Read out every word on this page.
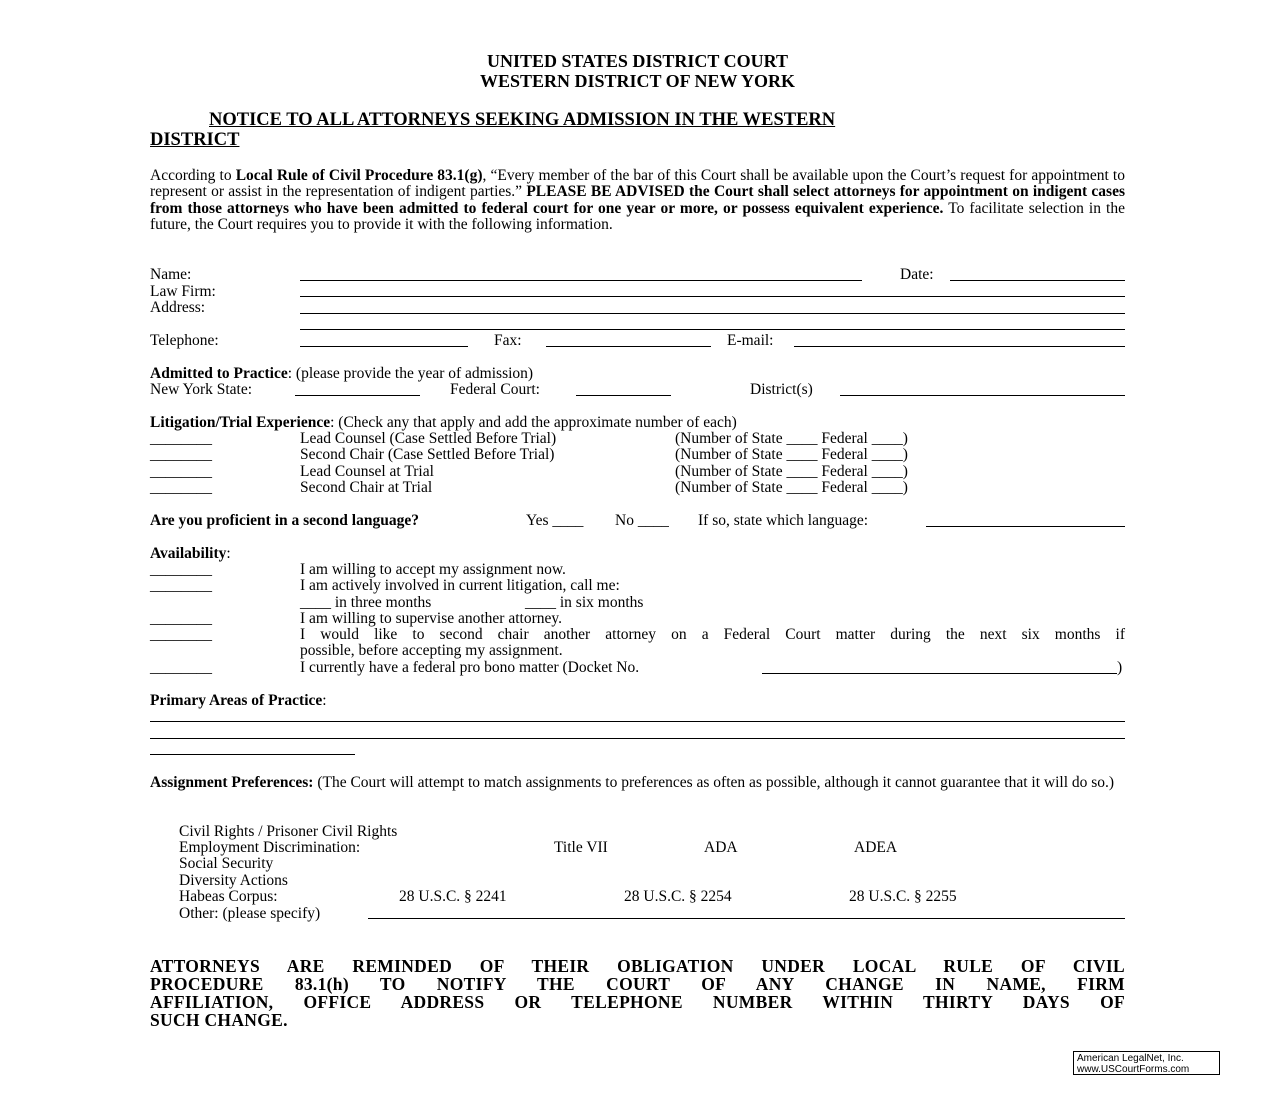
UNITED STATES DISTRICT COURT
WESTERN DISTRICT OF NEW YORK
NOTICE TO ALL ATTORNEYS SEEKING ADMISSION IN THE WESTERN
DISTRICT
According to Local Rule of Civil Procedure 83.1(g), “Every member of the bar of this Court shall be available upon the Court’s request for appointment to represent or assist in the representation of indigent parties.” PLEASE BE ADVISED the Court shall select attorneys for appointment on indigent cases from those attorneys who have been admitted to federal court for one year or more, or possess equivalent experience. To facilitate selection in the future, the Court requires you to provide it with the following information.
Name:	Date:
Law Firm:
Address:
Telephone:	Fax:	E-mail:
Admitted to Practice: (please provide the year of admission)
New York State:	Federal Court:	District(s)
Litigation/Trial Experience: (Check any that apply and add the approximate number of each)
________	Lead Counsel (Case Settled Before Trial)	(Number of State ____ Federal ____)
________	Second Chair (Case Settled Before Trial)	(Number of State ____ Federal ____)
________	Lead Counsel at Trial	(Number of State ____ Federal ____)
________	Second Chair at Trial	(Number of State ____ Federal ____)
Are you proficient in a second language?	Yes ____ No ____ If so, state which language:
Availability:
________	I am willing to accept my assignment now.
________	I am actively involved in current litigation, call me:
____ in three months	____ in six months
________	I am willing to supervise another attorney.
________	I would like to second chair another attorney on a Federal Court matter during the next six months if
possible, before accepting my assignment.
________	I currently have a federal pro bono matter (Docket No.	)
Primary Areas of Practice:
Assignment Preferences: (The Court will attempt to match assignments to preferences as often as possible, although it cannot guarantee that it will do so.)
Civil Rights / Prisoner Civil Rights
Employment Discrimination:	Title VII	ADA	ADEA
Social Security
Diversity Actions
Habeas Corpus:	28 U.S.C. § 2241	28 U.S.C. § 2254	28 U.S.C. § 2255
Other: (please specify)
ATTORNEYS ARE REMINDED OF THEIR OBLIGATION UNDER LOCAL RULE OF CIVIL
PROCEDURE 83.1(h) TO NOTIFY THE COURT OF ANY CHANGE IN NAME, FIRM
AFFILIATION, OFFICE ADDRESS OR TELEPHONE NUMBER WITHIN THIRTY DAYS OF
SUCH CHANGE.
American LegalNet, Inc.
www.USCourtForms.com
